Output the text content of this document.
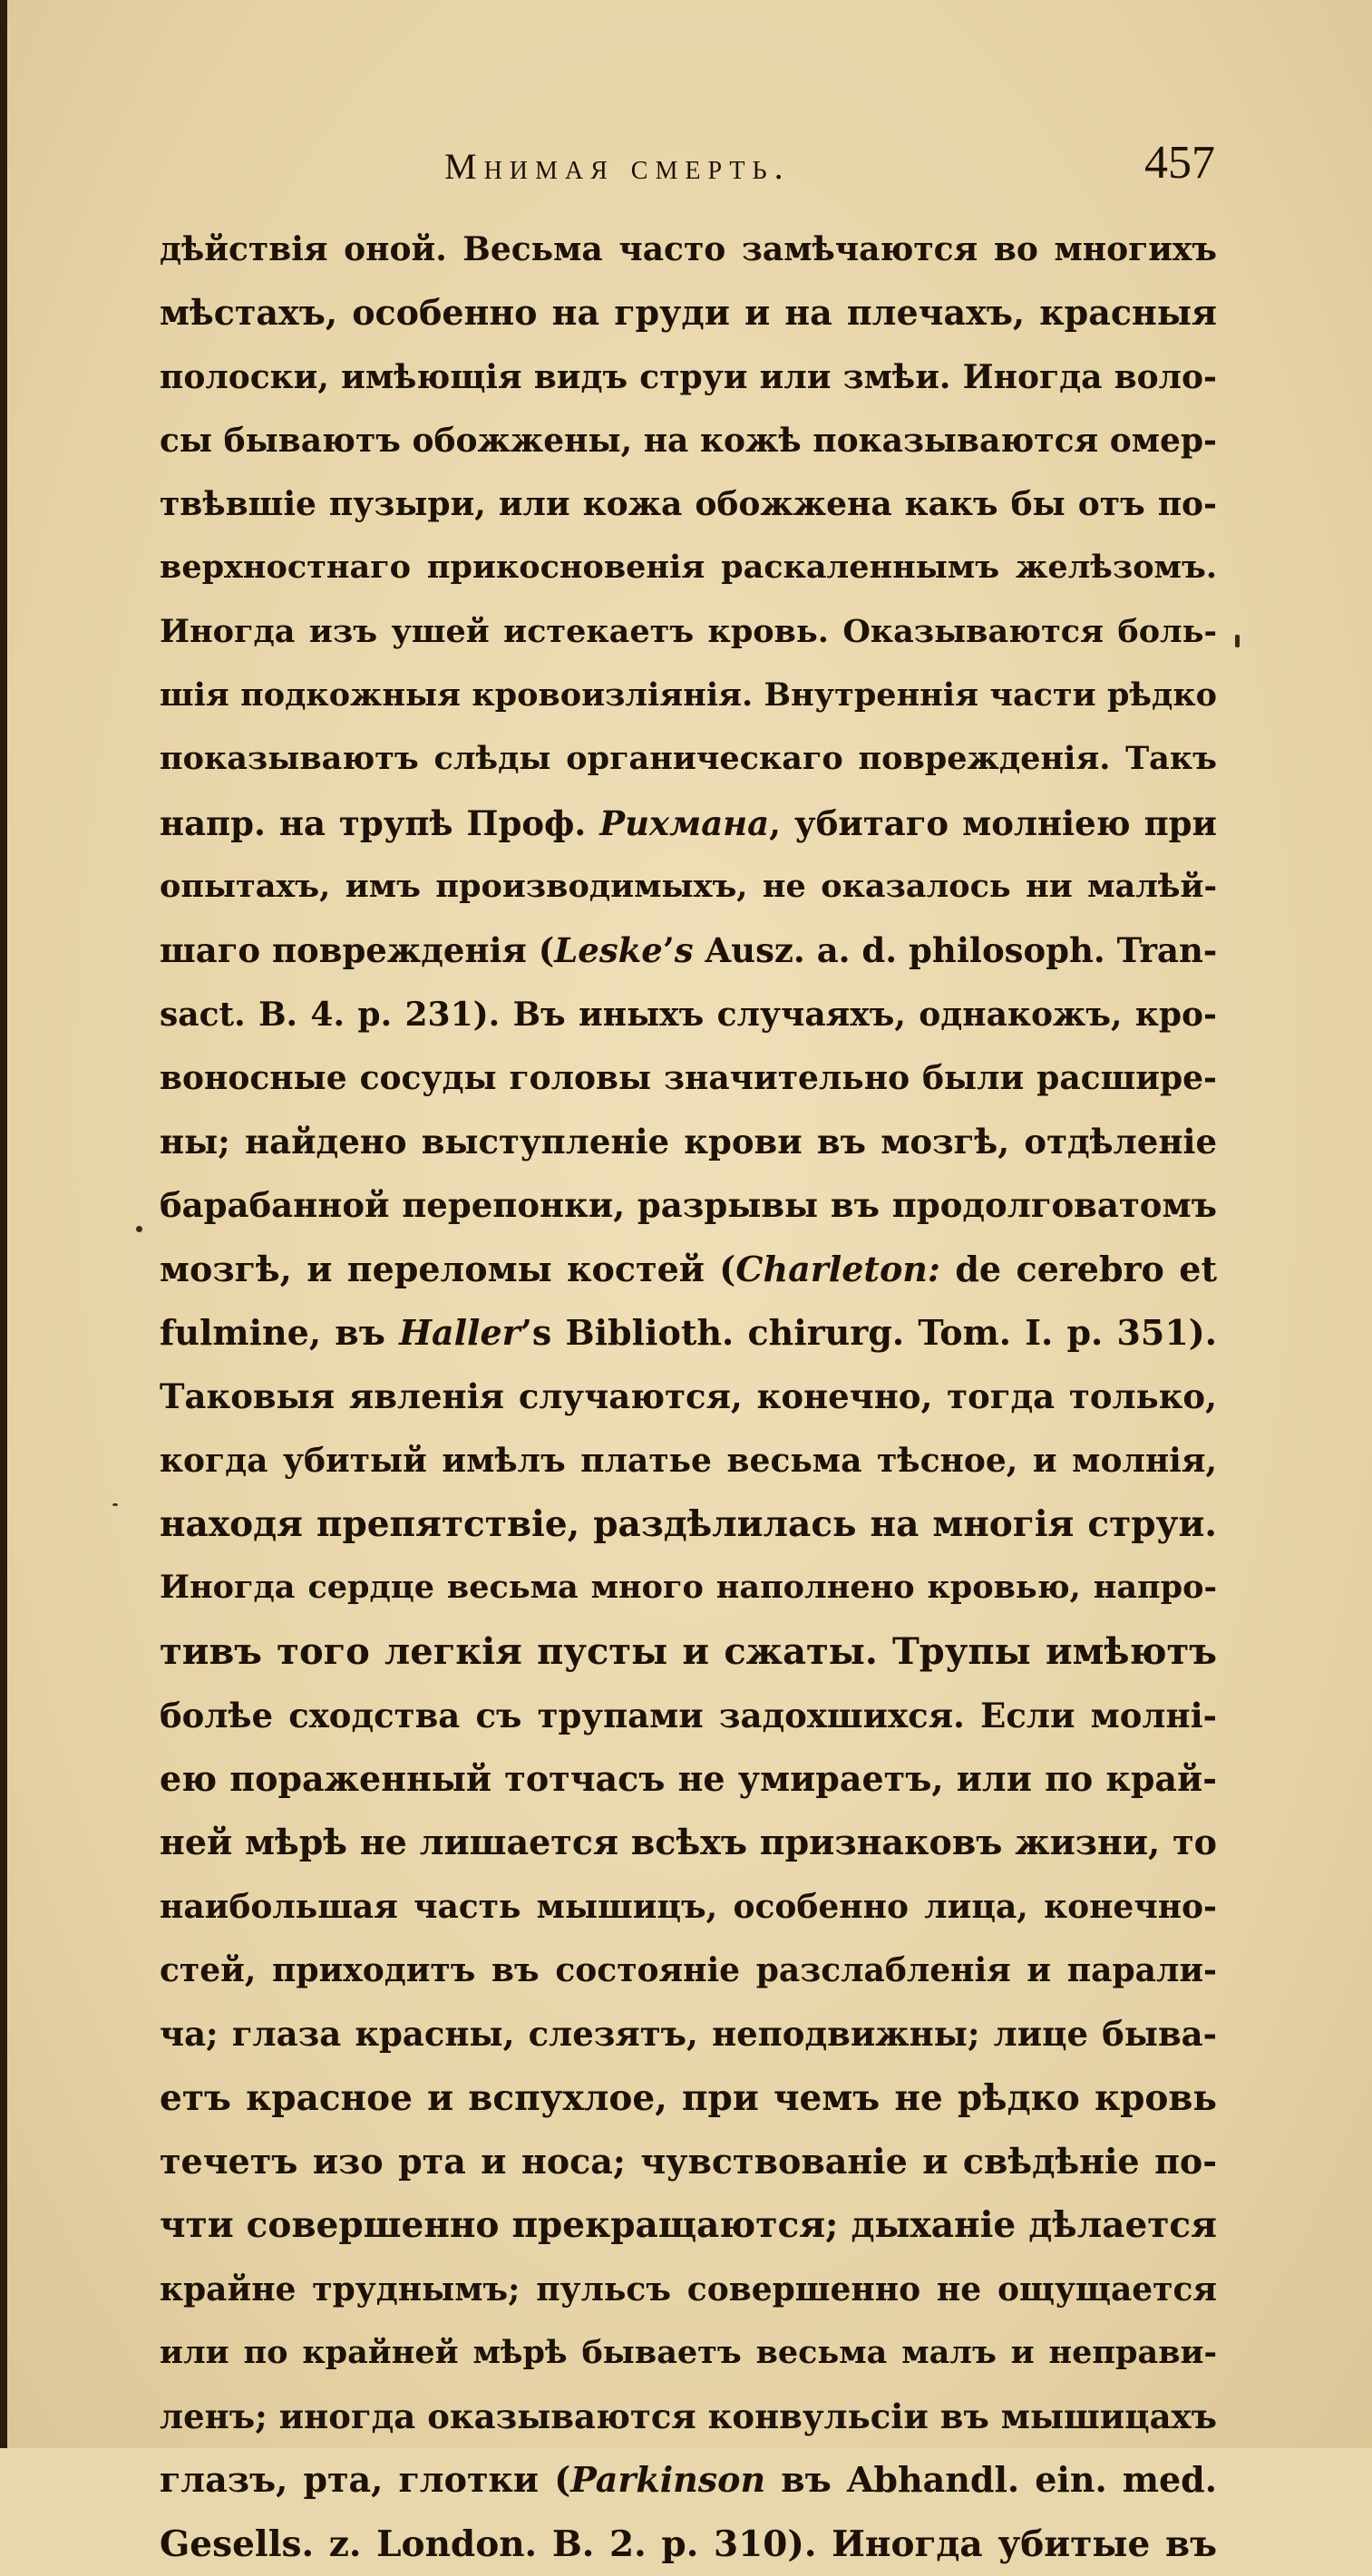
Мнимая смерть.	457
дѣйствія оной. Весьма часто замѣчаются во многихъ
мѣстахъ, особенно на груди и на плечахъ, красныя
полоски, имѣющія видъ струи или змѣи. Иногда воло-
сы бываютъ обожжены, на кожѣ показываются омер-
твѣвшіе пузыри, или кожа обожжена какъ бы отъ по-
верхностнаго прикосновенія раскаленнымъ желѣзомъ.
Иногда изъ ушей истекаетъ кровь. Оказываются боль-
шія подкожныя кровоизліянія. Внутреннія части рѣдко
показываютъ слѣды органическаго поврежденія. Такъ
напр. на трупѣ Проф. Рихмана, убитаго молніею при
опытахъ, имъ производимыхъ, не оказалось ни малѣй-
шаго поврежденія (Leske’s Ausz. a. d. philosoph. Tran-
sact. B. 4. p. 231). Въ иныхъ случаяхъ, однакожъ, кро-
воносные сосуды головы значительно были расшире-
ны; найдено выступленіе крови въ мозгѣ, отдѣленіе
барабанной перепонки, разрывы въ продолговатомъ
мозгѣ, и переломы костей (Charleton: de cerebro et
fulmine, въ Haller’s Biblioth. chirurg. Tom. I. p. 351).
Таковыя явленія случаются, конечно, тогда только,
когда убитый имѣлъ платье весьма тѣсное, и молнія,
находя препятствіе, раздѣлилась на многія струи.
Иногда сердце весьма много наполнено кровью, напро-
тивъ того легкія пусты и сжаты. Трупы имѣютъ
болѣе сходства съ трупами задохшихся. Если молні-
ею пораженный тотчасъ не умираетъ, или по край-
ней мѣрѣ не лишается всѣхъ признаковъ жизни, то
наибольшая часть мышицъ, особенно лица, конечно-
стей, приходитъ въ состояніе разслабленія и парали-
ча; глаза красны, слезятъ, неподвижны; лице быва-
етъ красное и вспухлое, при чемъ не рѣдко кровь
течетъ изо рта и носа; чувствованіе и свѣдѣніе по-
чти совершенно прекращаются; дыханіе дѣлается
крайне труднымъ; пульсъ совершенно не ощущается
или по крайней мѣрѣ бываетъ весьма малъ и неправи-
ленъ; иногда оказываются конвульсіи въ мышицахъ
глазъ, рта, глотки (Parkinson въ Abhandl. ein. med.
Gesells. z. London. B. 2. p. 310). Иногда убитые въ
